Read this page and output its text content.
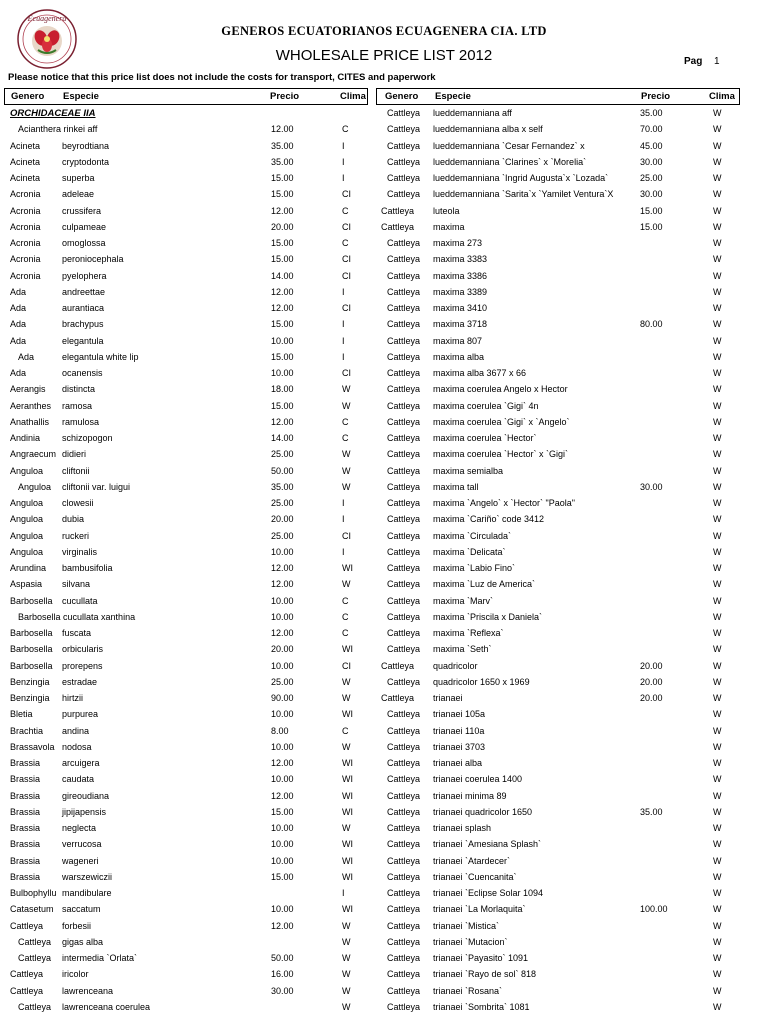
Ecuagenera
GENEROS ECUATORIANOS ECUAGENERA CIA. LTD
WHOLESALE PRICE LIST 2012	Pag 1
Please notice that this price list does not include the costs for transport, CITES and paperwork
Genero Especie	Precio	Clima
ORCHIDACEAE IIA
Acianthera rinkei aff	12.00	C
Acineta beyrodtiana	35.00	I
Acineta cryptodonta	35.00	I
Acineta superba	15.00	I
Acronia adeleae	15.00	CI
Acronia crussifera	12.00	C
Acronia culpameae	20.00	CI
Acronia omoglossa	15.00	C
Acronia peroniocephala	15.00	CI
Acronia pyelophera	14.00	CI
Ada	andreettae	12.00	I
Ada	aurantiaca	12.00	CI
Ada	brachypus	15.00	I
Ada	elegantula	10.00	I
Ada	elegantula white lip	15.00	I
Ada	ocanensis	10.00	CI
Aerangis distincta	18.00	W
Aeranthes ramosa	15.00	W
Anathallis ramulosa	12.00	C
Andinia schizopogon	14.00	C
Angraecum didieri	25.00	W
Anguloa cliftonii	50.00	W
Anguloa cliftonii var. luigui	35.00	W
Anguloa clowesii	25.00	I
Anguloa dubia	20.00	I
Anguloa ruckeri	25.00	CI
Anguloa virginalis	10.00	I
Arundina bambusifolia	12.00	WI
Aspasia silvana	12.00	W
Barbosella cucullata	10.00	C
Barbosella cucullata xanthina	10.00	C
Barbosella fuscata	12.00	C
Barbosella orbicularis	20.00	WI
Barbosella prorepens	10.00	CI
Benzingia estradae	25.00	W
Benzingia hirtzii	90.00	W
Bletia	purpurea	10.00	WI
Brachtia andina	8.00	C
Brassavola nodosa	10.00	W
Brassia arcuigera	12.00	WI
Brassia caudata	10.00	WI
Brassia gireoudiana	12.00	WI
Brassia jipijapensis	15.00	WI
Brassia neglecta	10.00	W
Brassia verrucosa	10.00	WI
Brassia wageneri	10.00	WI
Brassia warszewiczii	15.00	WI
Bulbophyllu mandibulare	I
Catasetum saccatum	10.00	WI
Cattleya forbesii	12.00	W
Cattleya gigas alba	W
Cattleya intermedia `Orlata`	50.00	W
Cattleya iricolor	16.00	W
Cattleya lawrenceana	30.00	W
Cattleya lawrenceana coerulea	W
Genero Especie	Precio	Clima
Cattleya lueddemanniana aff	35.00	W
Cattleya lueddemanniana alba x self	70.00	W
Cattleya lueddemanniana `Cesar Fernandez` x	45.00	W
Cattleya lueddemanniana `Clarines` x `Morelia`	30.00	W
Cattleya lueddemanniana `Ingrid Augusta`x `Lozada`	25.00	W
Cattleya lueddemanniana `Sarita`x `Yamilet Ventura`X	30.00	W
Cattleya luteola	15.00	W
Cattleya maxima	15.00	W
Cattleya maxima 273	W
Cattleya maxima 3383	W
Cattleya maxima 3386	W
Cattleya maxima 3389	W
Cattleya maxima 3410	W
Cattleya maxima 3718	80.00	W
Cattleya maxima 807	W
Cattleya maxima alba	W
Cattleya maxima alba 3677 x 66	W
Cattleya maxima coerulea Angelo x Hector	W
Cattleya maxima coerulea `Gigi` 4n	W
Cattleya maxima coerulea `Gigi` x `Angelo`	W
Cattleya maxima coerulea `Hector`	W
Cattleya maxima coerulea `Hector` x `Gigi`	W
Cattleya maxima semialba	W
Cattleya maxima tall	30.00	W
Cattleya maxima `Angelo` x `Hector` "Paola"	W
Cattleya maxima `Cariño` code 3412	W
Cattleya maxima `Circulada`	W
Cattleya maxima `Delicata`	W
Cattleya maxima `Labio Fino`	W
Cattleya maxima `Luz de America`	W
Cattleya maxima `Marv`	W
Cattleya maxima `Priscila x Daniela`	W
Cattleya maxima `Reflexa`	W
Cattleya maxima `Seth`	W
Cattleya quadricolor	20.00	W
Cattleya quadricolor 1650 x 1969	20.00	W
Cattleya trianaei	20.00	W
Cattleya trianaei 105a	W
Cattleya trianaei 110a	W
Cattleya trianaei 3703	W
Cattleya trianaei alba	W
Cattleya trianaei coerulea 1400	W
Cattleya trianaei minima 89	W
Cattleya trianaei quadricolor 1650	35.00	W
Cattleya trianaei splash	W
Cattleya trianaei `Amesiana Splash`	W
Cattleya trianaei `Atardecer`	W
Cattleya trianaei `Cuencanita`	W
Cattleya trianaei `Eclipse Solar 1094	W
Cattleya trianaei `La Morlaquita`	100.00	W
Cattleya trianaei `Mistica`	W
Cattleya trianaei `Mutacion`	W
Cattleya trianaei `Payasito` 1091	W
Cattleya trianaei `Rayo de sol` 818	W
Cattleya trianaei `Rosana`	W
Cattleya trianaei `Sombrita` 1081	W
